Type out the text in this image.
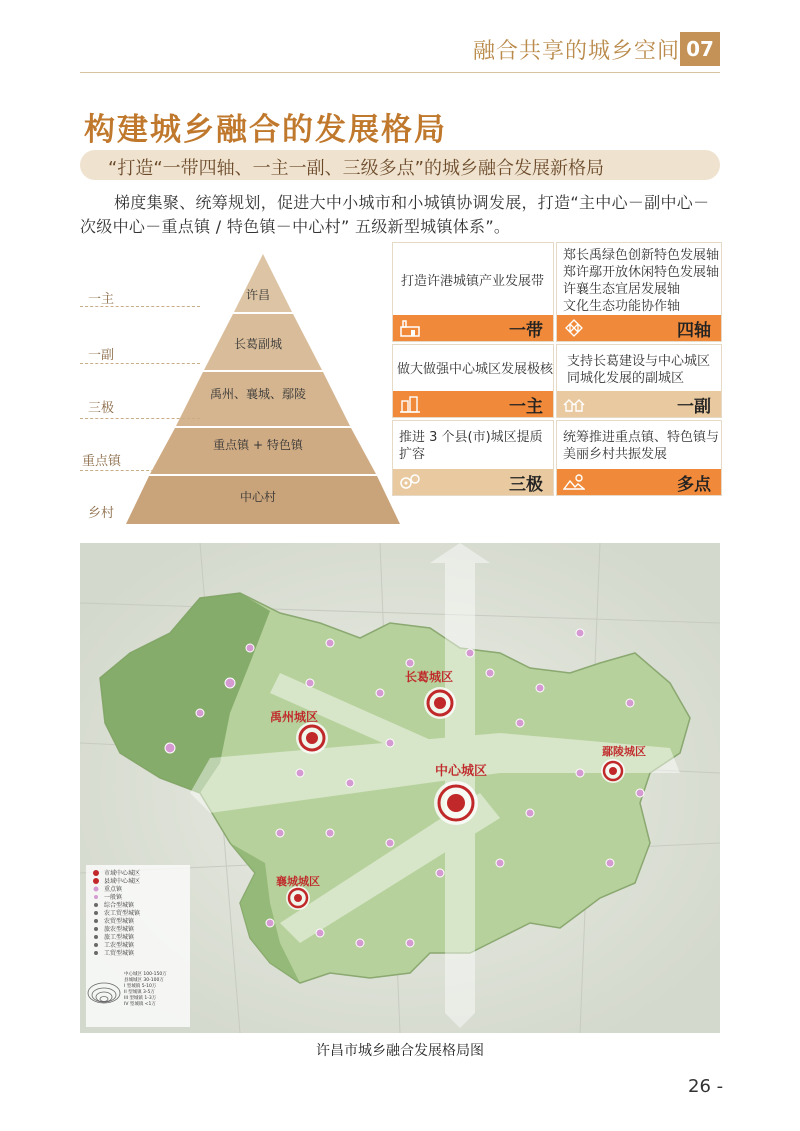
融合共享的城乡空间 07
构建城乡融合的发展格局
“打造“一带四轴、一主一副、三级多点”的城乡融合发展新格局
梯度集聚、统筹规划，促进大中小城市和小城镇协调发展，打造“主中心－副中心－
次级中心－重点镇 / 特色镇－中心村” 五级新型城镇体系”。
一主
一副
三极
重点镇
乡村
许昌
长葛副城
禹州、襄城、鄢陵
重点镇 + 特色镇
中心村
打造许港城镇产业发展带
一带
郑长禹绿色创新特色发展轴
郑许鄢开放休闲特色发展轴
许襄生态宜居发展轴
文化生态功能协作轴
四轴
做大做强中心城区发展极核
一主
支持长葛建设与中心城区
同城化发展的副城区
一副
推进 3 个县(市)城区提质
扩容
三极
统筹推进重点镇、特色镇与
美丽乡村共振发展
多点
长葛城区
禹州城区
中心城区
鄢陵城区
襄城城区
市域中心城区
县域中心城区
重点镇
一般镇
综合型城镇
农工贸型城镇
农贸型城镇
旅农型城镇
旅工型城镇
工农型城镇
工贸型城镇
中心城区 100-150万
县城城区 30-100万
I 型城镇 5-10万
II 型城镇 3-5万
III 型城镇 1-3万
IV 型城镇 <1万
许昌市城乡融合发展格局图
26 -
